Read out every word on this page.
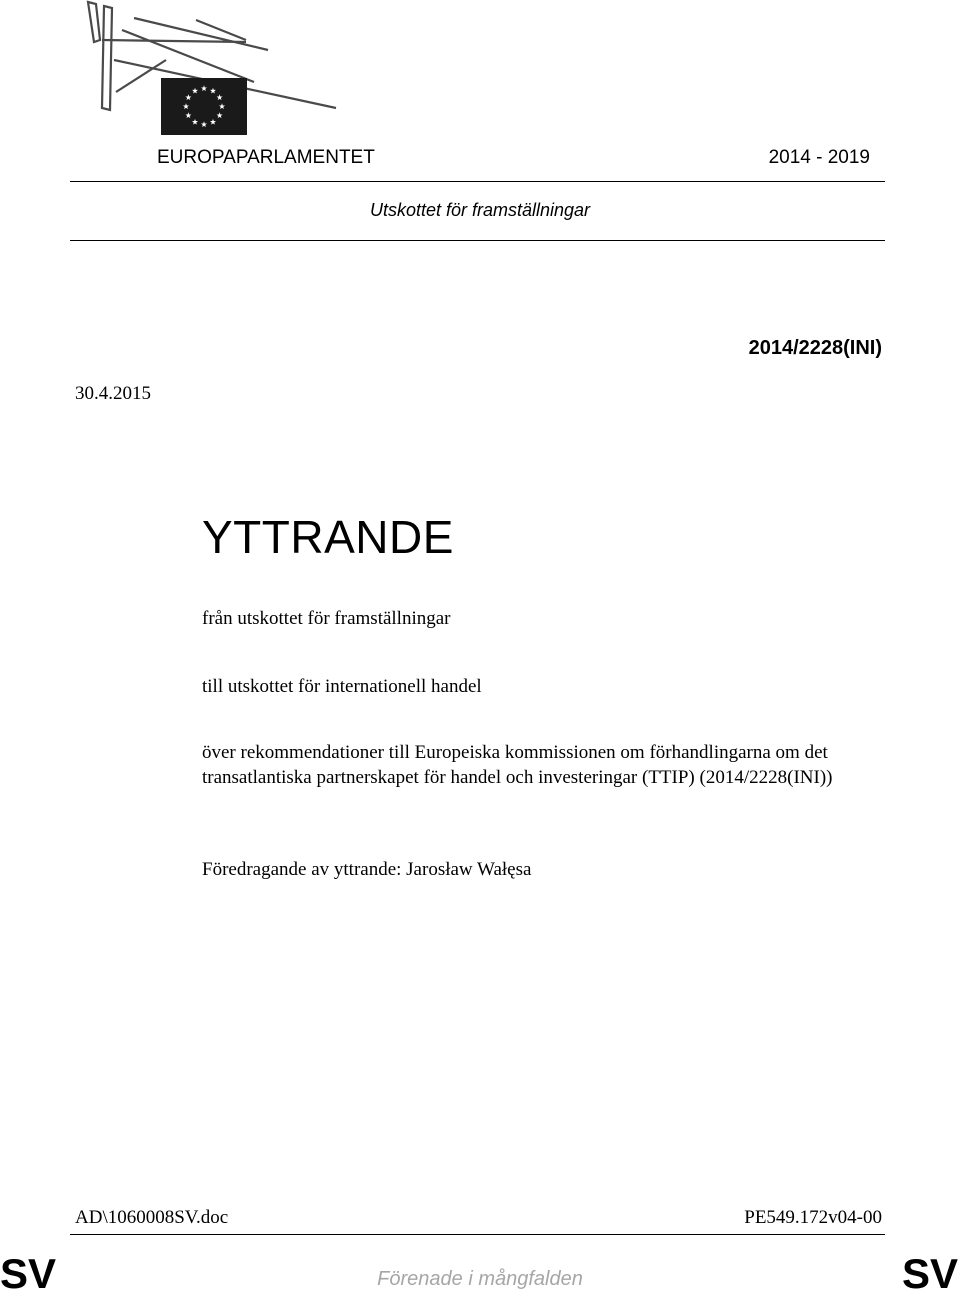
EUROPAPARLAMENTET	2014 - 2019
Utskottet för framställningar
2014/2228(INI)
30.4.2015
YTTRANDE
från utskottet för framställningar
till utskottet för internationell handel
över rekommendationer till Europeiska kommissionen om förhandlingarna om det transatlantiska partnerskapet för handel och investeringar (TTIP) (2014/2228(INI))
Föredragande av yttrande: Jarosław Wałęsa
AD\1060008SV.doc	PE549.172v04-00
SV	Förenade i mångfalden	SV
